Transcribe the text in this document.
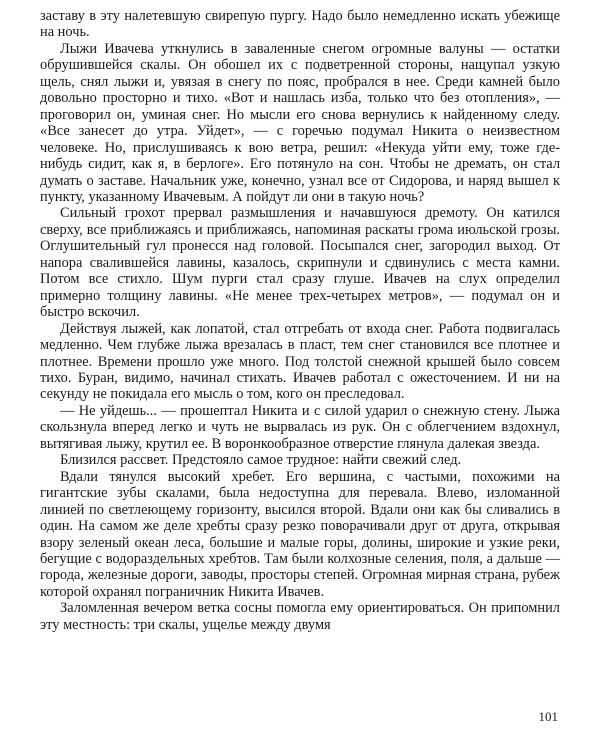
заставу в эту налетевшую свирепую пургу. Надо было немедленно искать убежище на ночь.

Лыжи Ивачева уткнулись в заваленные снегом огромные валуны — остатки обрушившейся скалы. Он обошел их с подветренной стороны, нащупал узкую щель, снял лыжи и, увязая в снегу по пояс, пробрался в нее. Среди камней было довольно просторно и тихо. «Вот и нашлась изба, только что без отопления», — проговорил он, уминая снег. Но мысли его снова вернулись к найденному следу. «Все занесет до утра. Уйдет», — с горечью подумал Никита о неизвестном человеке. Но, прислушиваясь к вою ветра, решил: «Некуда уйти ему, тоже где-нибудь сидит, как я, в берлоге». Его потянуло на сон. Чтобы не дремать, он стал думать о заставе. Начальник уже, конечно, узнал все от Сидорова, и наряд вышел к пункту, указанному Ивачевым. А пойдут ли они в такую ночь?

Сильный грохот прервал размышления и начавшуюся дремоту. Он катился сверху, все приближаясь и приближаясь, напоминая раскаты грома июльской грозы. Оглушительный гул пронесся над головой. Посыпался снег, загородил выход. От напора свалившейся лавины, казалось, скрипнули и сдвинулись с места камни. Потом все стихло. Шум пурги стал сразу глуше. Ивачев на слух определил примерно толщину лавины. «Не менее трех-четырех метров», — подумал он и быстро вскочил.

Действуя лыжей, как лопатой, стал отгребать от входа снег. Работа подвигалась медленно. Чем глубже лыжа врезалась в пласт, тем снег становился все плотнее и плотнее. Времени прошло уже много. Под толстой снежной крышей было совсем тихо. Буран, видимо, начинал стихать. Ивачев работал с ожесточением. И ни на секунду не покидала его мысль о том, кого он преследовал.

— Не уйдешь... — прошептал Никита и с силой ударил о снежную стену. Лыжа скользнула вперед легко и чуть не вырвалась из рук. Он с облегчением вздохнул, вытягивая лыжу, крутил ее. В воронкообразное отверстие глянула далекая звезда.

Близился рассвет. Предстояло самое трудное: найти свежий след.

Вдали тянулся высокий хребет. Его вершина, с частыми, похожими на гигантские зубы скалами, была недоступна для перевала. Влево, изломанной линией по светлеющему горизонту, высился второй. Вдали они как бы сливались в один. На самом же деле хребты сразу резко поворачивали друг от друга, открывая взору зеленый океан леса, большие и малые горы, долины, широкие и узкие реки, бегущие с водораздельных хребтов. Там были колхозные селения, поля, а дальше — города, железные дороги, заводы, просторы степей. Огромная мирная страна, рубеж которой охранял пограничник Никита Ивачев.

Заломленная вечером ветка сосны помогла ему ориентироваться. Он припомнил эту местность: три скалы, ущелье между двумя

101
